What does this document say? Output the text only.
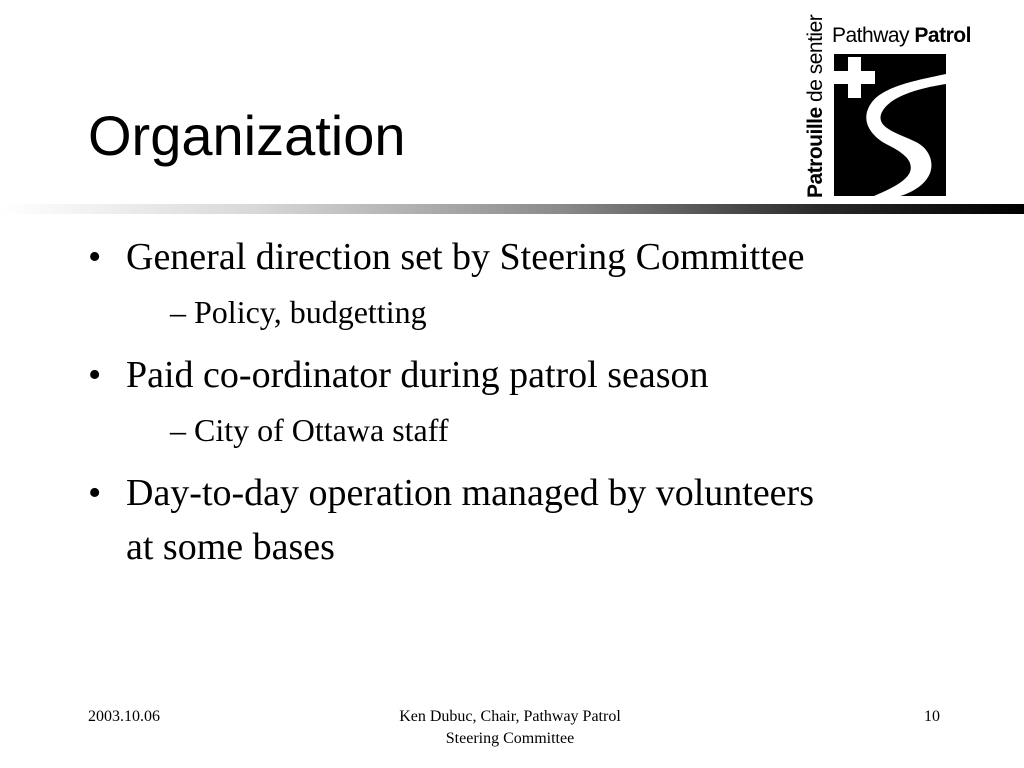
Organization
Pathway Patrol
Patrouille de sentier
• General direction set by Steering Committee
– Policy, budgetting
• Paid co-ordinator during patrol season
– City of Ottawa staff
• Day-to-day operation managed by volunteers at some bases
2003.10.06	Ken Dubuc, Chair, Pathway Patrol
Steering Committee
10
